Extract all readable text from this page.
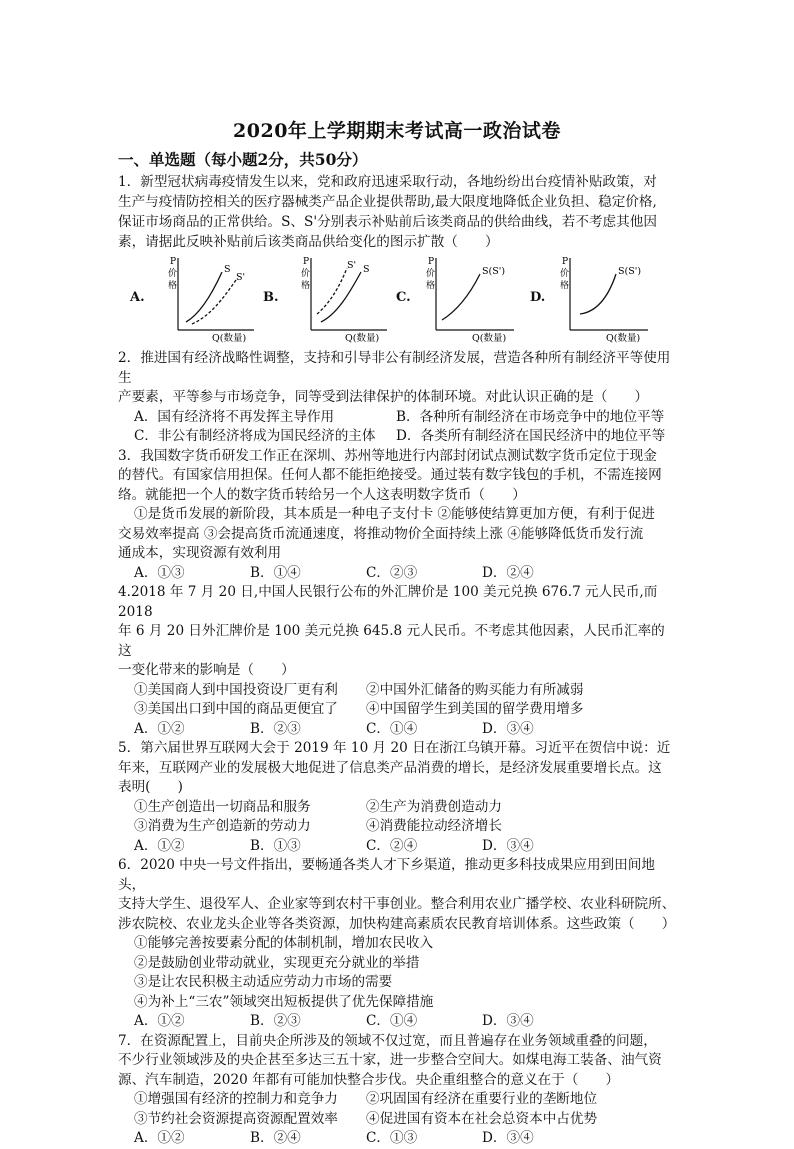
2020年上学期期末考试高一政治试卷
一、单选题（每小题2分，共50分）

1．新型冠状病毒疫情发生以来，党和政府迅速采取行动，各地纷纷出台疫情补贴政策，对

生产与疫情防控相关的医疗器械类产品企业提供帮助,最大限度地降低企业负担、稳定价格,

保证市场商品的正常供给。S、S'分别表示补贴前后该类商品的供给曲线，若不考虑其他因

素，请据此反映补贴前后该类商品供给变化的图示扩散（　　）

A.
P
价
格
Q(数量)
S
S'
B.
P
价
格
Q(数量)
S' S
C.
P
价
格
Q(数量)
S(S')
D.
P
价
格
Q(数量)
S(S')

2．推进国有经济战略性调整，支持和引导非公有制经济发展，营造各种所有制经济平等使用生

产要素，平等参与市场竞争，同等受到法律保护的体制环境。对此认识正确的是（　　）

A．国有经济将不再发挥主导作用	B．各种所有制经济在市场竞争中的地位平等
C．非公有制经济将成为国民经济的主体	D．各类所有制经济在国民经济中的地位平等

3．我国数字货币研发工作正在深圳、苏州等地进行内部封闭试点测试数字货币定位于现金

的替代。有国家信用担保。任何人都不能拒绝接受。通过装有数字钱包的手机，不需连接网

络。就能把一个人的数字货币转给另一个人这表明数字货币（　　）

①是货币发展的新阶段，其本质是一种电子支付卡 ②能够使结算更加方便，有利于促进

交易效率提高 ③会提高货币流通速度，将推动物价全面持续上涨 ④能够降低货币发行流

通成本，实现资源有效利用

A．①③	B．①④	C．②③	D．②④

4.2018 年 7 月 20 日,中国人民银行公布的外汇牌价是 100 美元兑换 676.7 元人民币,而 2018

年 6 月 20 日外汇牌价是 100 美元兑换 645.8 元人民币。不考虑其他因素，人民币汇率的这

一变化带来的影响是（　　）

①美国商人到中国投资设厂更有利	②中国外汇储备的购买能力有所减弱
③美国出口到中国的商品更便宜了	④中国留学生到美国的留学费用增多
A．①②	B．②③	C．①④	D．③④

5．第六届世界互联网大会于 2019 年 10 月 20 日在浙江乌镇开幕。习近平在贺信中说：近

年来，互联网产业的发展极大地促进了信息类产品消费的增长，是经济发展重要增长点。这

表明(　　)

①生产创造出一切商品和服务	②生产为消费创造动力
③消费为生产创造新的劳动力	④消费能拉动经济增长
A．①②	B．①③	C．②④	D．③④

6．2020 中央一号文件指出，要畅通各类人才下乡渠道，推动更多科技成果应用到田间地头，

支持大学生、退役军人、企业家等到农村干事创业。整合利用农业广播学校、农业科研院所、

涉农院校、农业龙头企业等各类资源，加快构建高素质农民教育培训体系。这些政策（　　）

①能够完善按要素分配的体制机制，增加农民收入

②是鼓励创业带动就业，实现更充分就业的举措

③是让农民积极主动适应劳动力市场的需要

④为补上“三农”领域突出短板提供了优先保障措施

A．①②	B．②③	C．①④	D．③④

7．在资源配置上，目前央企所涉及的领域不仅过宽，而且普遍存在业务领域重叠的问题，

不少行业领域涉及的央企甚至多达三五十家，进一步整合空间大。如煤电海工装备、油气资

源、汽车制造，2020 年都有可能加快整合步伐。央企重组整合的意义在于（　　）

①增强国有经济的控制力和竞争力	②巩固国有经济在重要行业的垄断地位
③节约社会资源提高资源配置效率	④促进国有资本在社会总资本中占优势
A．①②	B．②④	C．①③	D．③④
